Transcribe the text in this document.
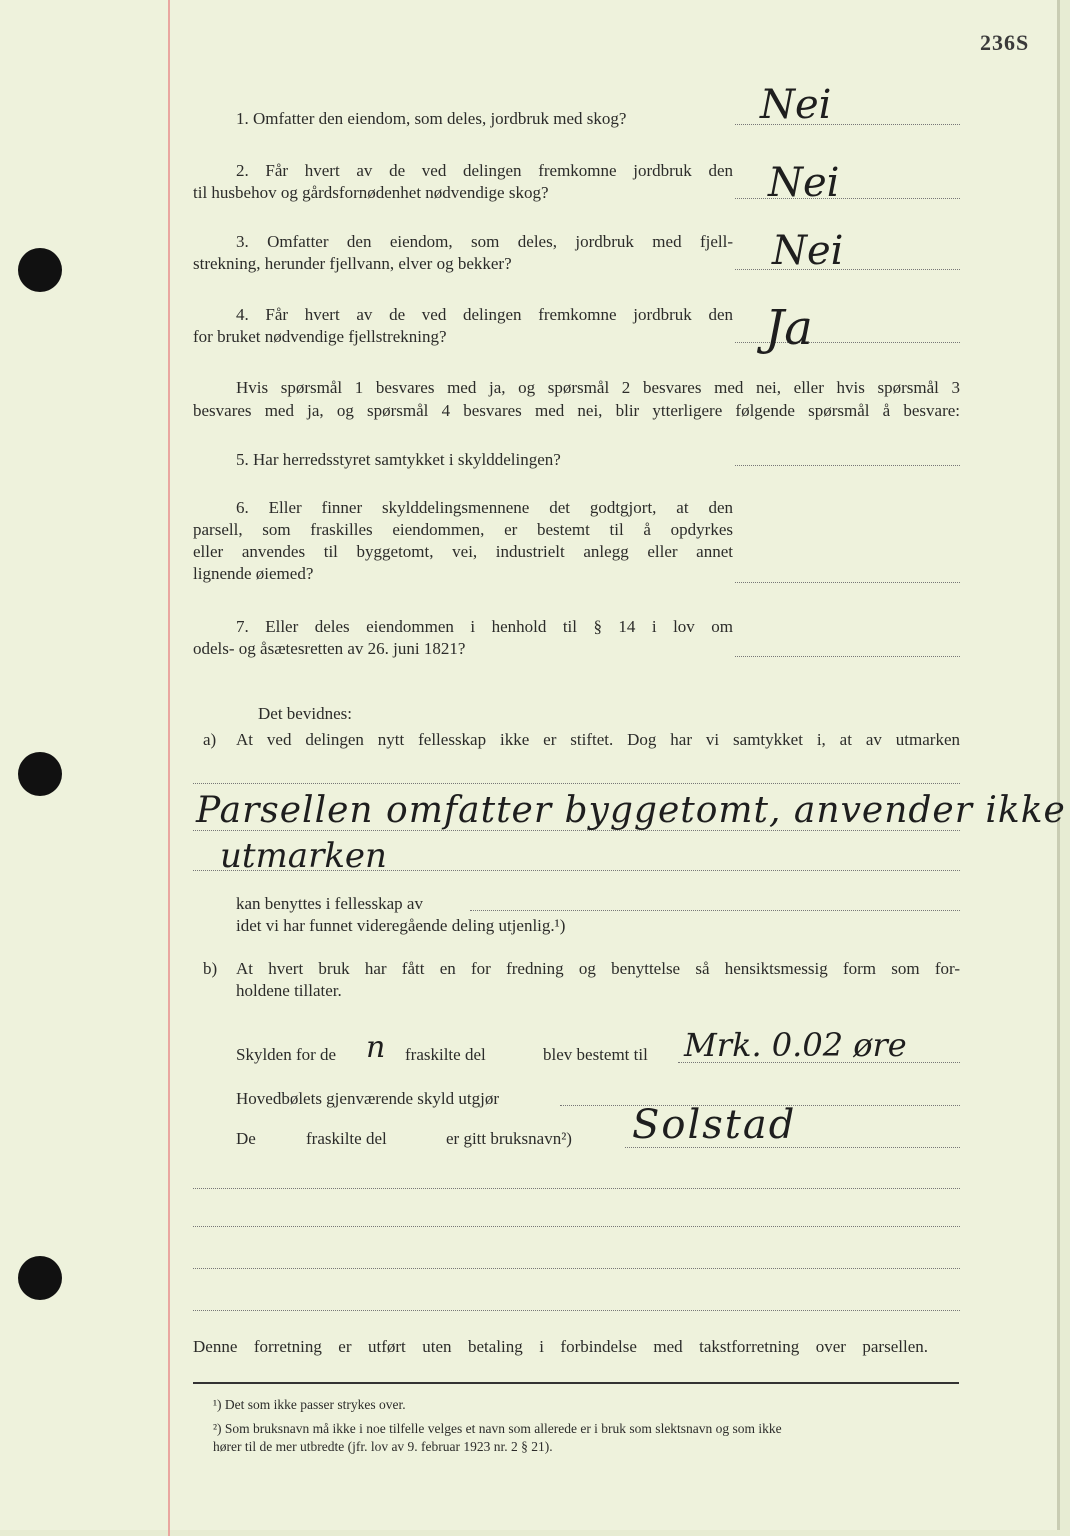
236S
1. Omfatter den eiendom, som deles, jordbruk med skog?	Nei
2. Får hvert av de ved delingen fremkomne jordbruk den
til husbehov og gårdsfornødenhet nødvendige skog?	Nei
3. Omfatter den eiendom, som deles, jordbruk med fjell-
strekning, herunder fjellvann, elver og bekker?	Nei
4. Får hvert av de ved delingen fremkomne jordbruk den
for bruket nødvendige fjellstrekning?	Ja
Hvis spørsmål 1 besvares med ja, og spørsmål 2 besvares med nei, eller hvis spørsmål 3
besvares med ja, og spørsmål 4 besvares med nei, blir ytterligere følgende spørsmål å besvare:
5. Har herredsstyret samtykket i skylddelingen?
6. Eller finner skylddelingsmennene det godtgjort, at den
parsell, som fraskilles eiendommen, er bestemt til å opdyrkes
eller anvendes til byggetomt, vei, industrielt anlegg eller annet
lignende øiemed?
7. Eller deles eiendommen i henhold til § 14 i lov om
odels- og åsætesretten av 26. juni 1821?
Det bevidnes:
a) At ved delingen nytt fellesskap ikke er stiftet. Dog har vi samtykket i, at av utmarken
Parsellen omfatter byggetomt, anvender ikke
utmarken
kan benyttes i fellesskap av
idet vi har funnet videregående deling utjenlig.¹)
b) At hvert bruk har fått en for fredning og benyttelse så hensiktsmessig form som for-
holdene tillater.
Skylden for de n fraskilte del	blev bestemt til Mrk. 0.02 øre
Hovedbølets gjenværende skyld utgjør
De	fraskilte del	er gitt bruksnavn²) Solstad
Denne forretning er utført uten betaling i forbindelse med takstforretning over parsellen.
¹) Det som ikke passer strykes over.
²) Som bruksnavn må ikke i noe tilfelle velges et navn som allerede er i bruk som slektsnavn og som ikke
hører til de mer utbredte (jfr. lov av 9. februar 1923 nr. 2 § 21).
